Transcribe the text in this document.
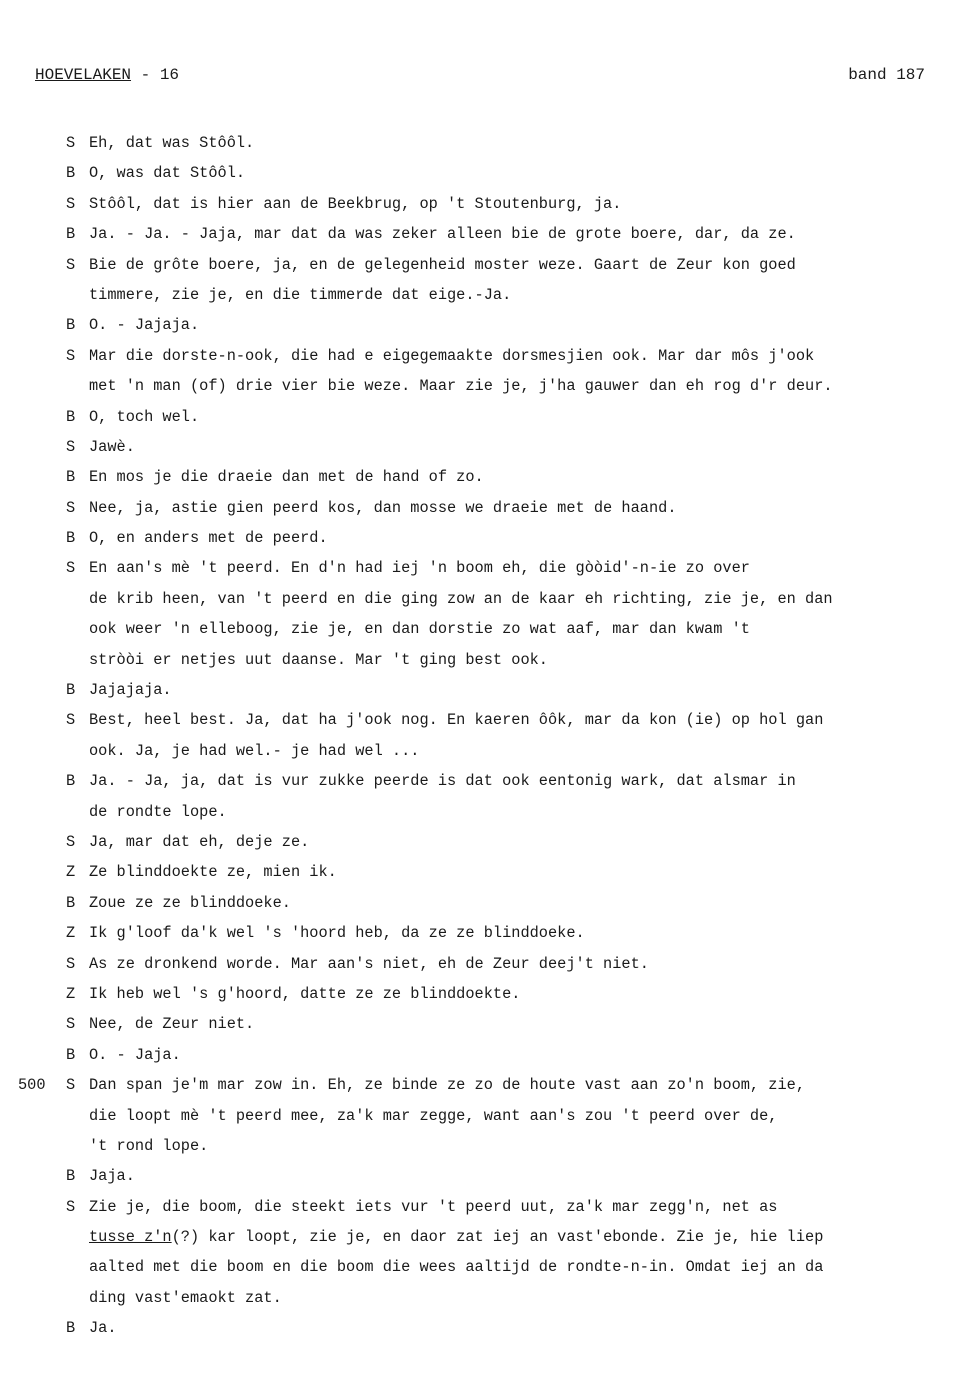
HOEVELAKEN - 16	band 187
S Eh, dat was Stôôl.
B O, was dat Stôôl.
S Stôôl, dat is hier aan de Beekbrug, op 't Stoutenburg, ja.
B Ja. - Ja. - Jaja, mar dat da was zeker alleen bie de grote boere, dar, da ze.
S Bie de grôte boere, ja, en de gelegenheid moster weze. Gaart de Zeur kon goed
timmere, zie je, en die timmerde dat eige.-Ja.
B O. - Jajaja.
S Mar die dorste-n-ook, die had e eigegemaakte dorsmesjien ook. Mar dar môs j'ook
met 'n man (of) drie vier bie weze. Maar zie je, j'ha gauwer dan eh rog d'r deur.
B O, toch wel.
S Jawè.
B En mos je die draeie dan met de hand of zo.
S Nee, ja, astie gien peerd kos, dan mosse we draeie met de haand.
B O, en anders met de peerd.
S En aan's mè 't peerd. En d'n had iej 'n boom eh, die gòòid'-n-ie zo over
de krib heen, van 't peerd en die ging zow an de kaar eh richting, zie je, en dan
ook weer 'n elleboog, zie je, en dan dorstie zo wat aaf, mar dan kwam 't
stròòi er netjes uut daanse. Mar 't ging best ook.
B Jajajaja.
S Best, heel best. Ja, dat ha j'ook nog. En kaeren ôôk, mar da kon (ie) op hol gan
ook. Ja, je had wel.- je had wel ...
B Ja. - Ja, ja, dat is vur zukke peerde is dat ook eentonig wark, dat alsmar in
de rondte lope.
S Ja, mar dat eh, deje ze.
Z Ze blinddoekte ze, mien ik.
B Zoue ze ze blinddoeke.
Z Ik g'loof da'k wel 's 'hoord heb, da ze ze blinddoeke.
S As ze dronkend worde. Mar aan's niet, eh de Zeur deej't niet.
Z Ik heb wel 's g'hoord, datte ze ze blinddoekte.
S Nee, de Zeur niet.
B O. - Jaja.
500 S Dan span je'm mar zow in. Eh, ze binde ze zo de houte vast aan zo'n boom, zie,
die loopt mè 't peerd mee, za'k mar zegge, want aan's zou 't peerd over de,
't rond lope.
B Jaja.
S Zie je, die boom, die steekt iets vur 't peerd uut, za'k mar zegg'n, net as
tusse z'n(?) kar loopt, zie je, en daor zat iej an vast'ebonde. Zie je, hie liep
aalted met die boom en die boom die wees aaltijd de rondte-n-in. Omdat iej an da
ding vast'emaokt zat.
B Ja.
